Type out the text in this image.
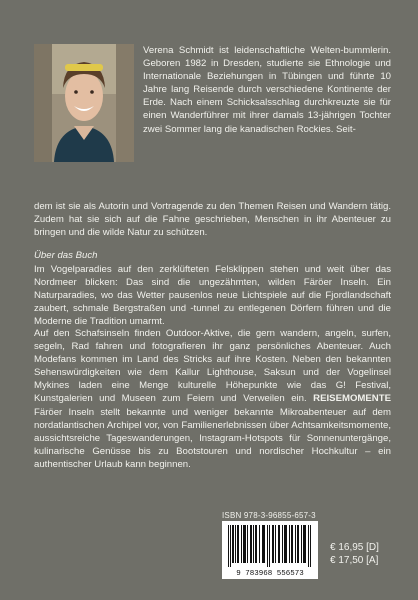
Verena Schmidt ist leidenschaftliche Welten-bummlerin. Geboren 1982 in Dresden, studierte sie Ethnologie und Internationale Beziehungen in Tübingen und führte 10 Jahre lang Reisende durch verschiedene Kontinente der Erde. Nach einem Schicksalsschlag durchkreuzte sie für einen Wanderführer mit ihrer damals 13-jährigen Tochter zwei Sommer lang die kanadischen Rockies. Seit-

dem ist sie als Autorin und Vortragende zu den Themen Reisen und Wandern tätig. Zudem hat sie sich auf die Fahne geschrieben, Menschen in ihr Abenteuer zu bringen und die wilde Natur zu schützen.

Über das Buch

Im Vogelparadies auf den zerklüfteten Felsklippen stehen und weit über das Nordmeer blicken: Das sind die ungezähmten, wilden Färöer Inseln. Ein Naturparadies, wo das Wetter pausenlos neue Lichtspiele auf die Fjordlandschaft zaubert, schmale Bergstraßen und -tunnel zu entlegenen Dörfern führen und die Moderne die Tradition umarmt.

Auf den Schafsinseln finden Outdoor-Aktive, die gern wandern, angeln, surfen, segeln, Rad fahren und fotografieren ihr ganz persönliches Abenteuer. Auch Modefans kommen im Land des Stricks auf ihre Kosten. Neben den bekannten Sehenswürdigkeiten wie dem Kallur Lighthouse, Saksun und der Vogelinsel Mykines laden eine Menge kulturelle Höhepunkte wie das G! Festival, Kunstgalerien und Museen zum Feiern und Verweilen ein. REISEMOMENTE Färöer Inseln stellt bekannte und weniger bekannte Mikroabenteuer auf dem nordatlantischen Archipel vor, von Familienerlebnissen über Achtsamkeitsmomente, aussichtsreiche Tageswanderungen, Instagram-Hotspots für Sonnenuntergänge, kulinarische Genüsse bis zu Bootstouren und nordischer Hochkultur – ein authentischer Urlaub kann beginnen.

ISBN 978-3-96855-657-3

9 783968 556573
€ 16,95 [D]
€ 17,50 [A]
